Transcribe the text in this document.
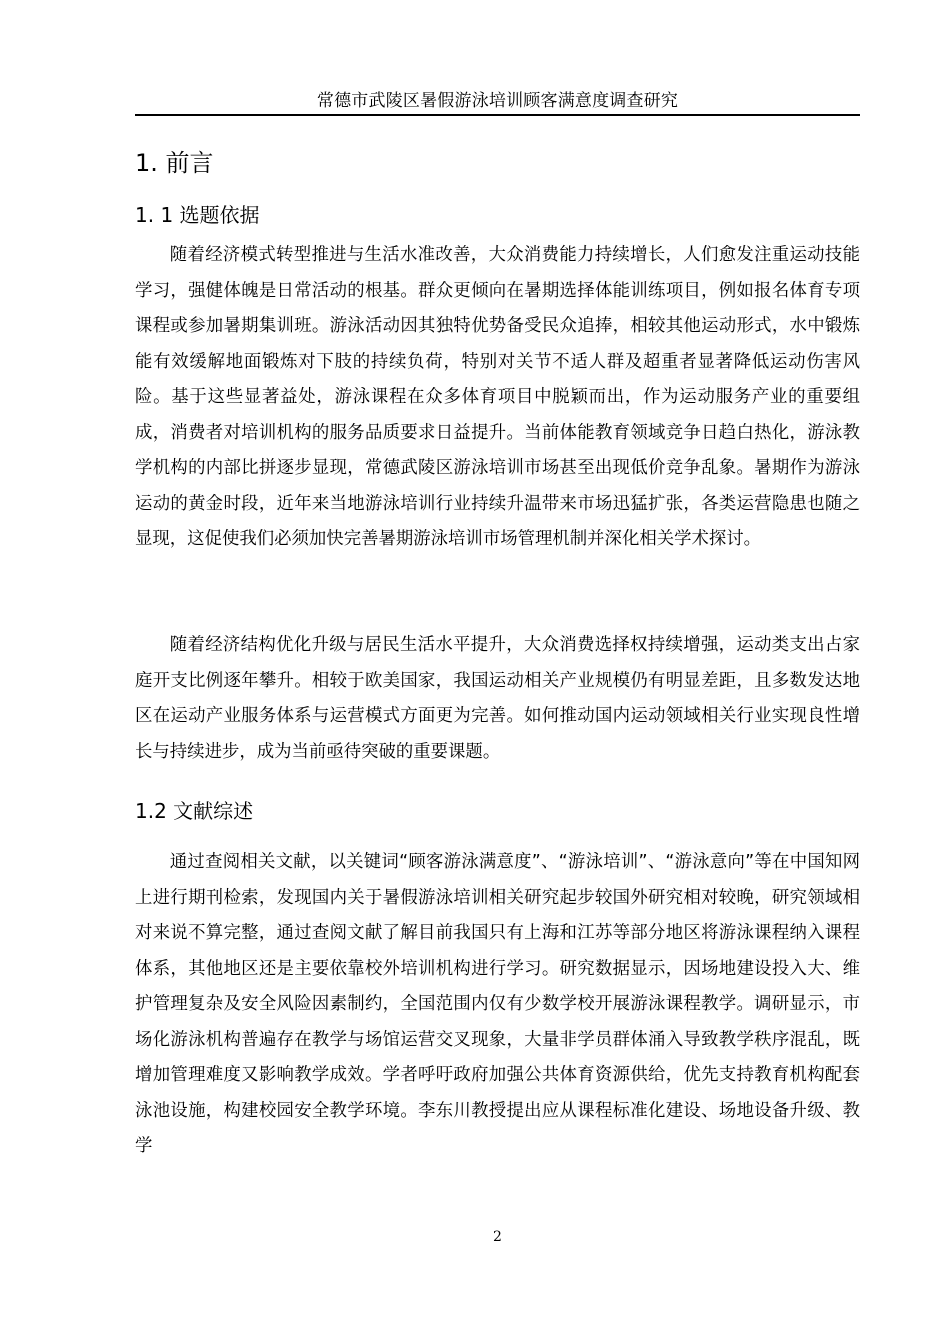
常德市武陵区暑假游泳培训顾客满意度调查研究
1. 前言
1. 1 选题依据

随着经济模式转型推进与生活水准改善，大众消费能力持续增长，人们愈发注重运动技能学习，强健体魄是日常活动的根基。群众更倾向在暑期选择体能训练项目，例如报名体育专项课程或参加暑期集训班。游泳活动因其独特优势备受民众追捧，相较其他运动形式，水中锻炼能有效缓解地面锻炼对下肢的持续负荷，特别对关节不适人群及超重者显著降低运动伤害风险。基于这些显著益处，游泳课程在众多体育项目中脱颖而出，作为运动服务产业的重要组成，消费者对培训机构的服务品质要求日益提升。当前体能教育领域竞争日趋白热化，游泳教学机构的内部比拼逐步显现，常德武陵区游泳培训市场甚至出现低价竞争乱象。暑期作为游泳运动的黄金时段，近年来当地游泳培训行业持续升温带来市场迅猛扩张，各类运营隐患也随之显现，这促使我们必须加快完善暑期游泳培训市场管理机制并深化相关学术探讨。

随着经济结构优化升级与居民生活水平提升，大众消费选择权持续增强，运动类支出占家庭开支比例逐年攀升。相较于欧美国家，我国运动相关产业规模仍有明显差距，且多数发达地区在运动产业服务体系与运营模式方面更为完善。如何推动国内运动领域相关行业实现良性增长与持续进步，成为当前亟待突破的重要课题。

1.2 文献综述

通过查阅相关文献，以关键词“顾客游泳满意度”、“游泳培训”、“游泳意向”等在中国知网上进行期刊检索，发现国内关于暑假游泳培训相关研究起步较国外研究相对较晚，研究领域相对来说不算完整，通过查阅文献了解目前我国只有上海和江苏等部分地区将游泳课程纳入课程体系，其他地区还是主要依靠校外培训机构进行学习。研究数据显示，因场地建设投入大、维护管理复杂及安全风险因素制约，全国范围内仅有少数学校开展游泳课程教学。调研显示，市场化游泳机构普遍存在教学与场馆运营交叉现象，大量非学员群体涌入导致教学秩序混乱，既增加管理难度又影响教学成效。学者呼吁政府加强公共体育资源供给，优先支持教育机构配套泳池设施，构建校园安全教学环境。李东川教授提出应从课程标准化建设、场地设备升级、教学

2
